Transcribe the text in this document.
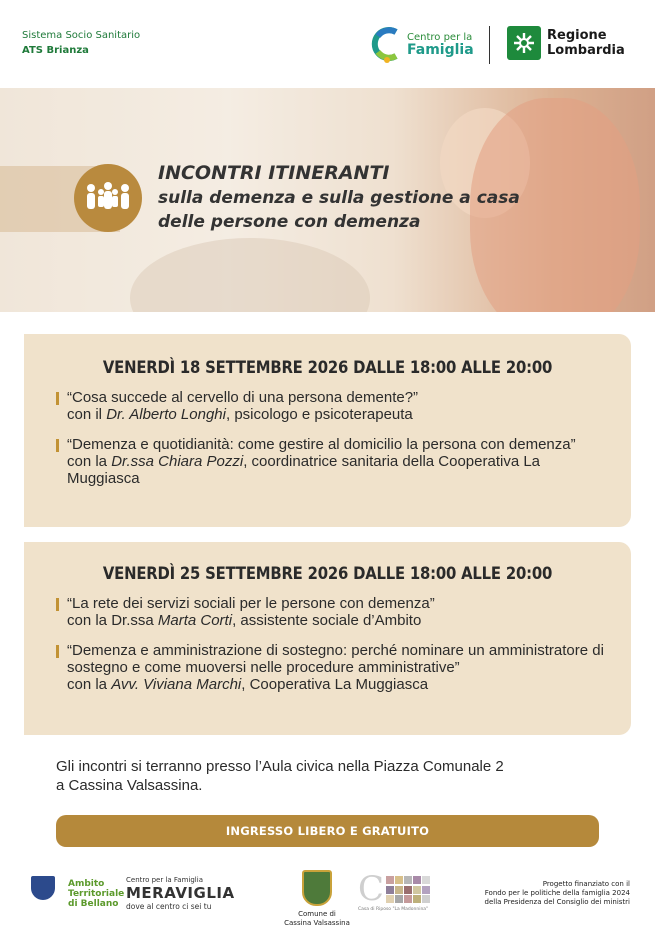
Sistema Socio Sanitario
ATS Brianza
Centro per la
Famiglia
Regione
Lombardia
INCONTRI ITINERANTI
sulla demenza e sulla gestione a casa
delle persone con demenza
VENERDÌ 18 SETTEMBRE 2026 DALLE 18:00 ALLE 20:00
“Cosa succede al cervello di una persona demente?”
con il Dr. Alberto Longhi, psicologo e psicoterapeuta
“Demenza e quotidianità: come gestire al domicilio la persona con demenza”
con la Dr.ssa Chiara Pozzi, coordinatrice sanitaria della Cooperativa La Muggiasca
VENERDÌ 25 SETTEMBRE 2026 DALLE 18:00 ALLE 20:00
“La rete dei servizi sociali per le persone con demenza”
con la Dr.ssa Marta Corti, assistente sociale d’Ambito
“Demenza e amministrazione di sostegno: perché nominare un amministratore di sostegno e come muoversi nelle procedure amministrative”
con la Avv. Viviana Marchi, Cooperativa La Muggiasca
Gli incontri si terranno presso l’Aula civica nella Piazza Comunale 2
a Cassina Valsassina.
INGRESSO LIBERO E GRATUITO
Ambito
Territoriale
di Bellano
Centro per la Famiglia
MERAVIGLIA
dove al centro ci sei tu
Comune di
Cassina Valsassina
C
Casa di Riposo "La Madonnina"
Progetto finanziato con il
Fondo per le politiche della famiglia 2024
della Presidenza del Consiglio dei ministri
